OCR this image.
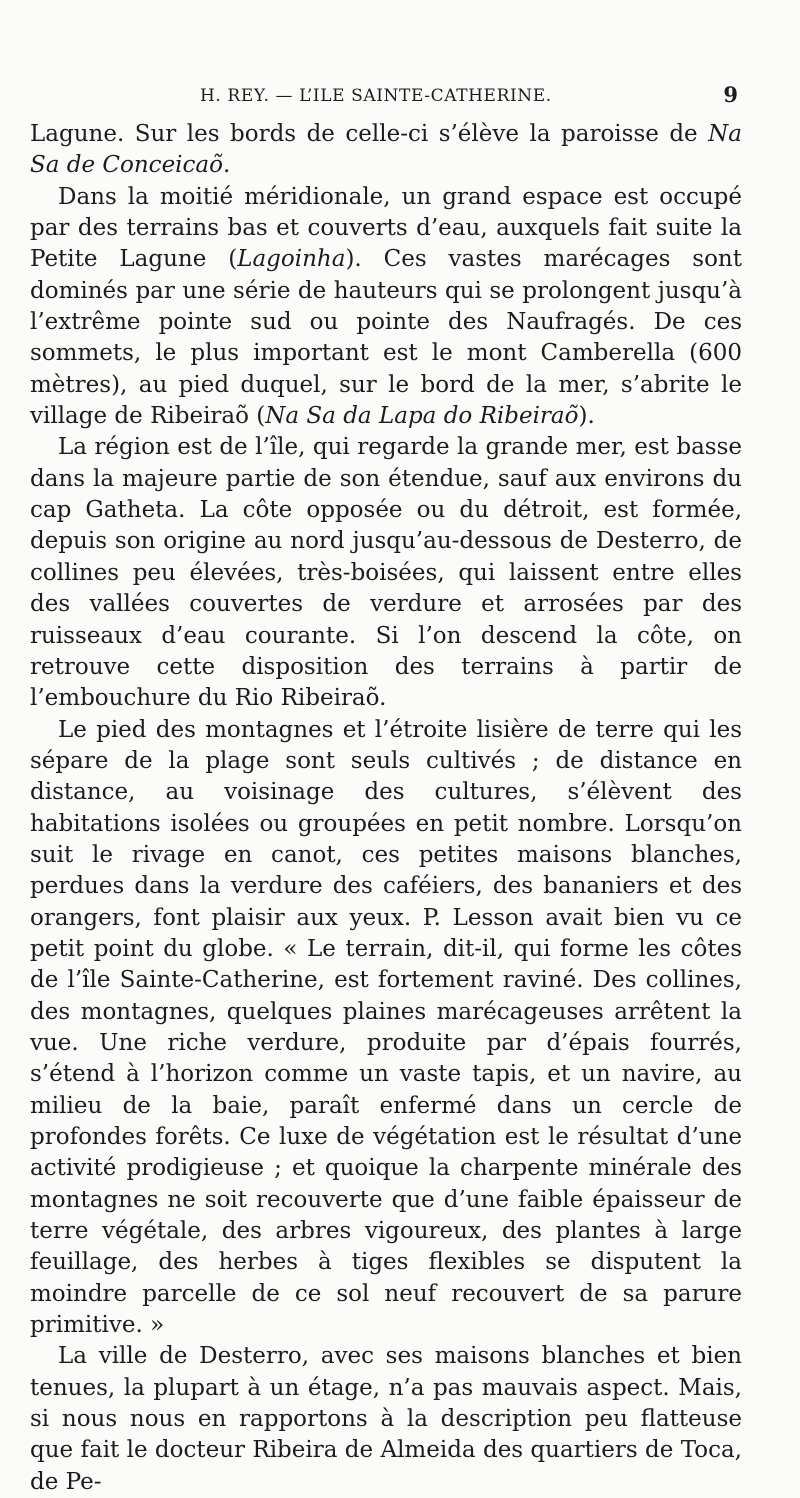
H. REY. — L’ILE SAINTE-CATHERINE.	9

Lagune. Sur les bords de celle-ci s’élève la paroisse de Na Sa de Conceicaõ.

Dans la moitié méridionale, un grand espace est occupé par des terrains bas et couverts d’eau, auxquels fait suite la Petite Lagune (Lagoinha). Ces vastes marécages sont dominés par une série de hauteurs qui se prolongent jusqu’à l’extrême pointe sud ou pointe des Naufragés. De ces sommets, le plus important est le mont Camberella (600 mètres), au pied duquel, sur le bord de la mer, s’abrite le village de Ribeiraõ (Na Sa da Lapa do Ribeiraõ).

La région est de l’île, qui regarde la grande mer, est basse dans la majeure partie de son étendue, sauf aux environs du cap Gatheta. La côte opposée ou du détroit, est formée, depuis son origine au nord jusqu’au-dessous de Desterro, de collines peu élevées, très-boisées, qui laissent entre elles des vallées couvertes de verdure et arrosées par des ruisseaux d’eau courante. Si l’on descend la côte, on retrouve cette disposition des terrains à partir de l’embouchure du Rio Ribeiraõ.

Le pied des montagnes et l’étroite lisière de terre qui les sépare de la plage sont seuls cultivés ; de distance en distance, au voisinage des cultures, s’élèvent des habitations isolées ou groupées en petit nombre. Lorsqu’on suit le rivage en canot, ces petites maisons blanches, perdues dans la verdure des caféiers, des bananiers et des orangers, font plaisir aux yeux. P. Lesson avait bien vu ce petit point du globe. « Le terrain, dit-il, qui forme les côtes de l’île Sainte-Catherine, est fortement raviné. Des collines, des montagnes, quelques plaines marécageuses arrêtent la vue. Une riche verdure, produite par d’épais fourrés, s’étend à l’horizon comme un vaste tapis, et un navire, au milieu de la baie, paraît enfermé dans un cercle de profondes forêts. Ce luxe de végétation est le résultat d’une activité prodigieuse ; et quoique la charpente minérale des montagnes ne soit recouverte que d’une faible épaisseur de terre végétale, des arbres vigoureux, des plantes à large feuillage, des herbes à tiges flexibles se disputent la moindre parcelle de ce sol neuf recouvert de sa parure primitive. »

La ville de Desterro, avec ses maisons blanches et bien tenues, la plupart à un étage, n’a pas mauvais aspect. Mais, si nous nous en rapportons à la description peu flatteuse que fait le docteur Ribeira de Almeida des quartiers de Toca, de Pe-
